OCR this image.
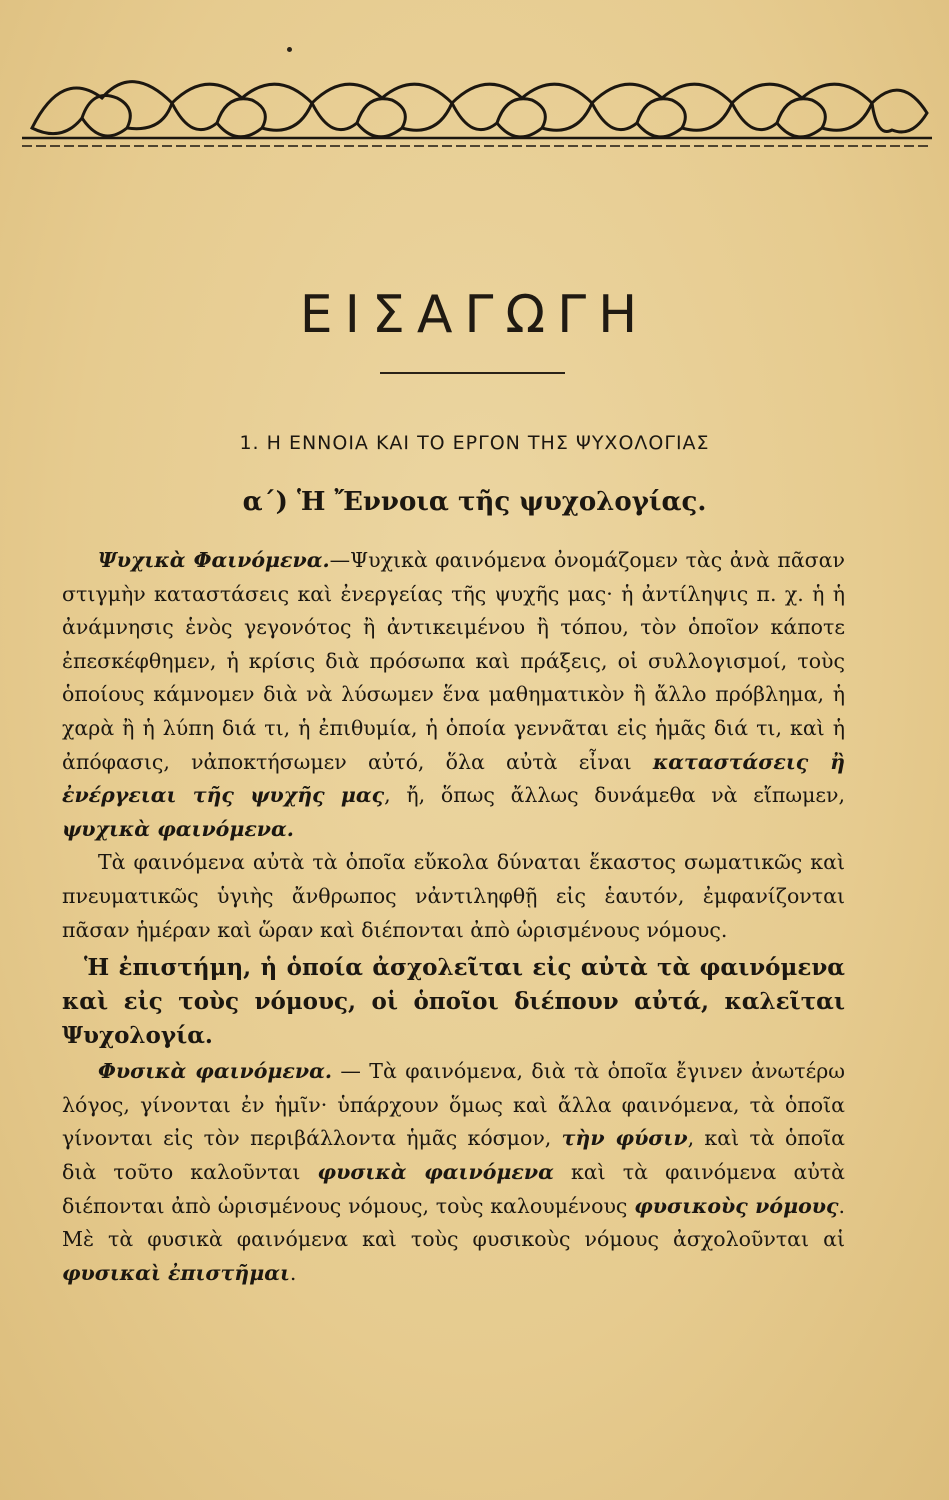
ΕΙΣΑΓΩΓΗ
1. Η ΕΝΝΟΙΑ ΚΑΙ ΤΟ ΕΡΓΟΝ ΤΗΣ ΨΥΧΟΛΟΓΙΑΣ
α΄) Ἡ Ἔννοια τῆς ψυχολογίας.

Ψυχικὰ Φαινόμενα.—Ψυχικὰ φαινόμενα ὀνομάζομεν τὰς ἀνὰ πᾶσαν στιγμὴν καταστάσεις καὶ ἐνεργείας τῆς ψυχῆς μας· ἡ ἀντίληψις π. χ. ἡ ἡ ἀνάμνησις ἑνὸς γεγονότος ἢ ἀντικειμένου ἢ τόπου, τὸν ὁποῖον κάποτε ἐπεσκέφθημεν, ἡ κρίσις διὰ πρόσωπα καὶ πράξεις, οἱ συλλογισμοί, τοὺς ὁποίους κάμνομεν διὰ νὰ λύσωμεν ἕνα μαθηματικὸν ἢ ἄλλο πρόβλημα, ἡ χαρὰ ἢ ἡ λύπη διά τι, ἡ ἐπιθυμία, ἡ ὁποία γεννᾶται εἰς ἡμᾶς διά τι, καὶ ἡ ἀπόφασις, νἀποκτήσωμεν αὐτό, ὅλα αὐτὰ εἶναι καταστάσεις ἢ ἐνέργειαι τῆς ψυχῆς μας, ἤ, ὅπως ἄλλως δυνάμεθα νὰ εἴπωμεν, ψυχικὰ φαινόμενα.

Τὰ φαινόμενα αὐτὰ τὰ ὁποῖα εὔκολα δύναται ἕκαστος σωματικῶς καὶ πνευματικῶς ὑγιὴς ἄνθρωπος νἀντιληφθῇ εἰς ἑαυτόν, ἐμφανίζονται πᾶσαν ἡμέραν καὶ ὥραν καὶ διέπονται ἀπὸ ὡρισμένους νόμους.

Ἡ ἐπιστήμη, ἡ ὁποία ἀσχολεῖται εἰς αὐτὰ τὰ φαινόμενα καὶ εἰς τοὺς νόμους, οἱ ὁποῖοι διέπουν αὐτά, καλεῖται Ψυχολογία.

Φυσικὰ φαινόμενα. — Τὰ φαινόμενα, διὰ τὰ ὁποῖα ἔγινεν ἀνωτέρω λόγος, γίνονται ἐν ἡμῖν· ὑπάρχουν ὅμως καὶ ἄλλα φαινόμενα, τὰ ὁποῖα γίνονται εἰς τὸν περιβάλλοντα ἡμᾶς κόσμον, τὴν φύσιν, καὶ τὰ ὁποῖα διὰ τοῦτο καλοῦνται φυσικὰ φαινόμενα καὶ τὰ φαινόμενα αὐτὰ διέπονται ἀπὸ ὡρισμένους νόμους, τοὺς καλουμένους φυσικοὺς νόμους. Μὲ τὰ φυσικὰ φαινόμενα καὶ τοὺς φυσικοὺς νόμους ἀσχολοῦνται αἱ φυσικαὶ ἐπιστῆμαι.
